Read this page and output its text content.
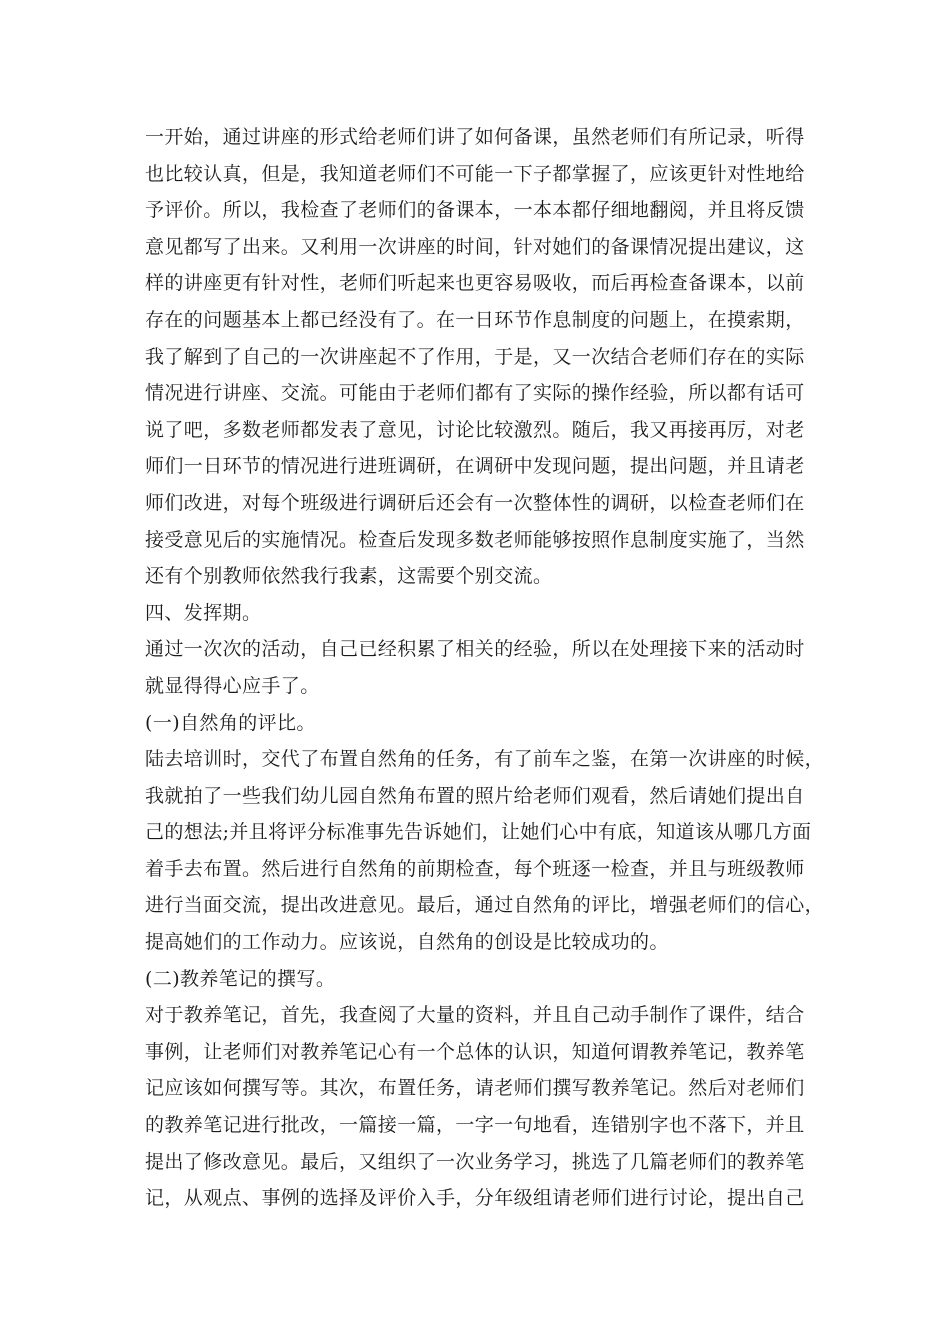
一开始，通过讲座的形式给老师们讲了如何备课，虽然老师们有所记录，听得
也比较认真，但是，我知道老师们不可能一下子都掌握了，应该更针对性地给
予评价。所以，我检查了老师们的备课本，一本本都仔细地翻阅，并且将反馈
意见都写了出来。又利用一次讲座的时间，针对她们的备课情况提出建议，这
样的讲座更有针对性，老师们听起来也更容易吸收，而后再检查备课本，以前
存在的问题基本上都已经没有了。在一日环节作息制度的问题上，在摸索期，
我了解到了自己的一次讲座起不了作用，于是，又一次结合老师们存在的实际
情况进行讲座、交流。可能由于老师们都有了实际的操作经验，所以都有话可
说了吧，多数老师都发表了意见，讨论比较激烈。随后，我又再接再厉，对老
师们一日环节的情况进行进班调研，在调研中发现问题，提出问题，并且请老
师们改进，对每个班级进行调研后还会有一次整体性的调研，以检查老师们在
接受意见后的实施情况。检查后发现多数老师能够按照作息制度实施了，当然
还有个别教师依然我行我素，这需要个别交流。
四、发挥期。
通过一次次的活动，自己已经积累了相关的经验，所以在处理接下来的活动时
就显得得心应手了。
(一)自然角的评比。
陆去培训时，交代了布置自然角的任务，有了前车之鉴，在第一次讲座的时候，
我就拍了一些我们幼儿园自然角布置的照片给老师们观看，然后请她们提出自
己的想法;并且将评分标准事先告诉她们，让她们心中有底，知道该从哪几方面
着手去布置。然后进行自然角的前期检查，每个班逐一检查，并且与班级教师
进行当面交流，提出改进意见。最后，通过自然角的评比，增强老师们的信心，
提高她们的工作动力。应该说，自然角的创设是比较成功的。
(二)教养笔记的撰写。
对于教养笔记，首先，我查阅了大量的资料，并且自己动手制作了课件，结合
事例，让老师们对教养笔记心有一个总体的认识，知道何谓教养笔记，教养笔
记应该如何撰写等。其次，布置任务，请老师们撰写教养笔记。然后对老师们
的教养笔记进行批改，一篇接一篇，一字一句地看，连错别字也不落下，并且
提出了修改意见。最后，又组织了一次业务学习，挑选了几篇老师们的教养笔
记，从观点、事例的选择及评价入手，分年级组请老师们进行讨论，提出自己
